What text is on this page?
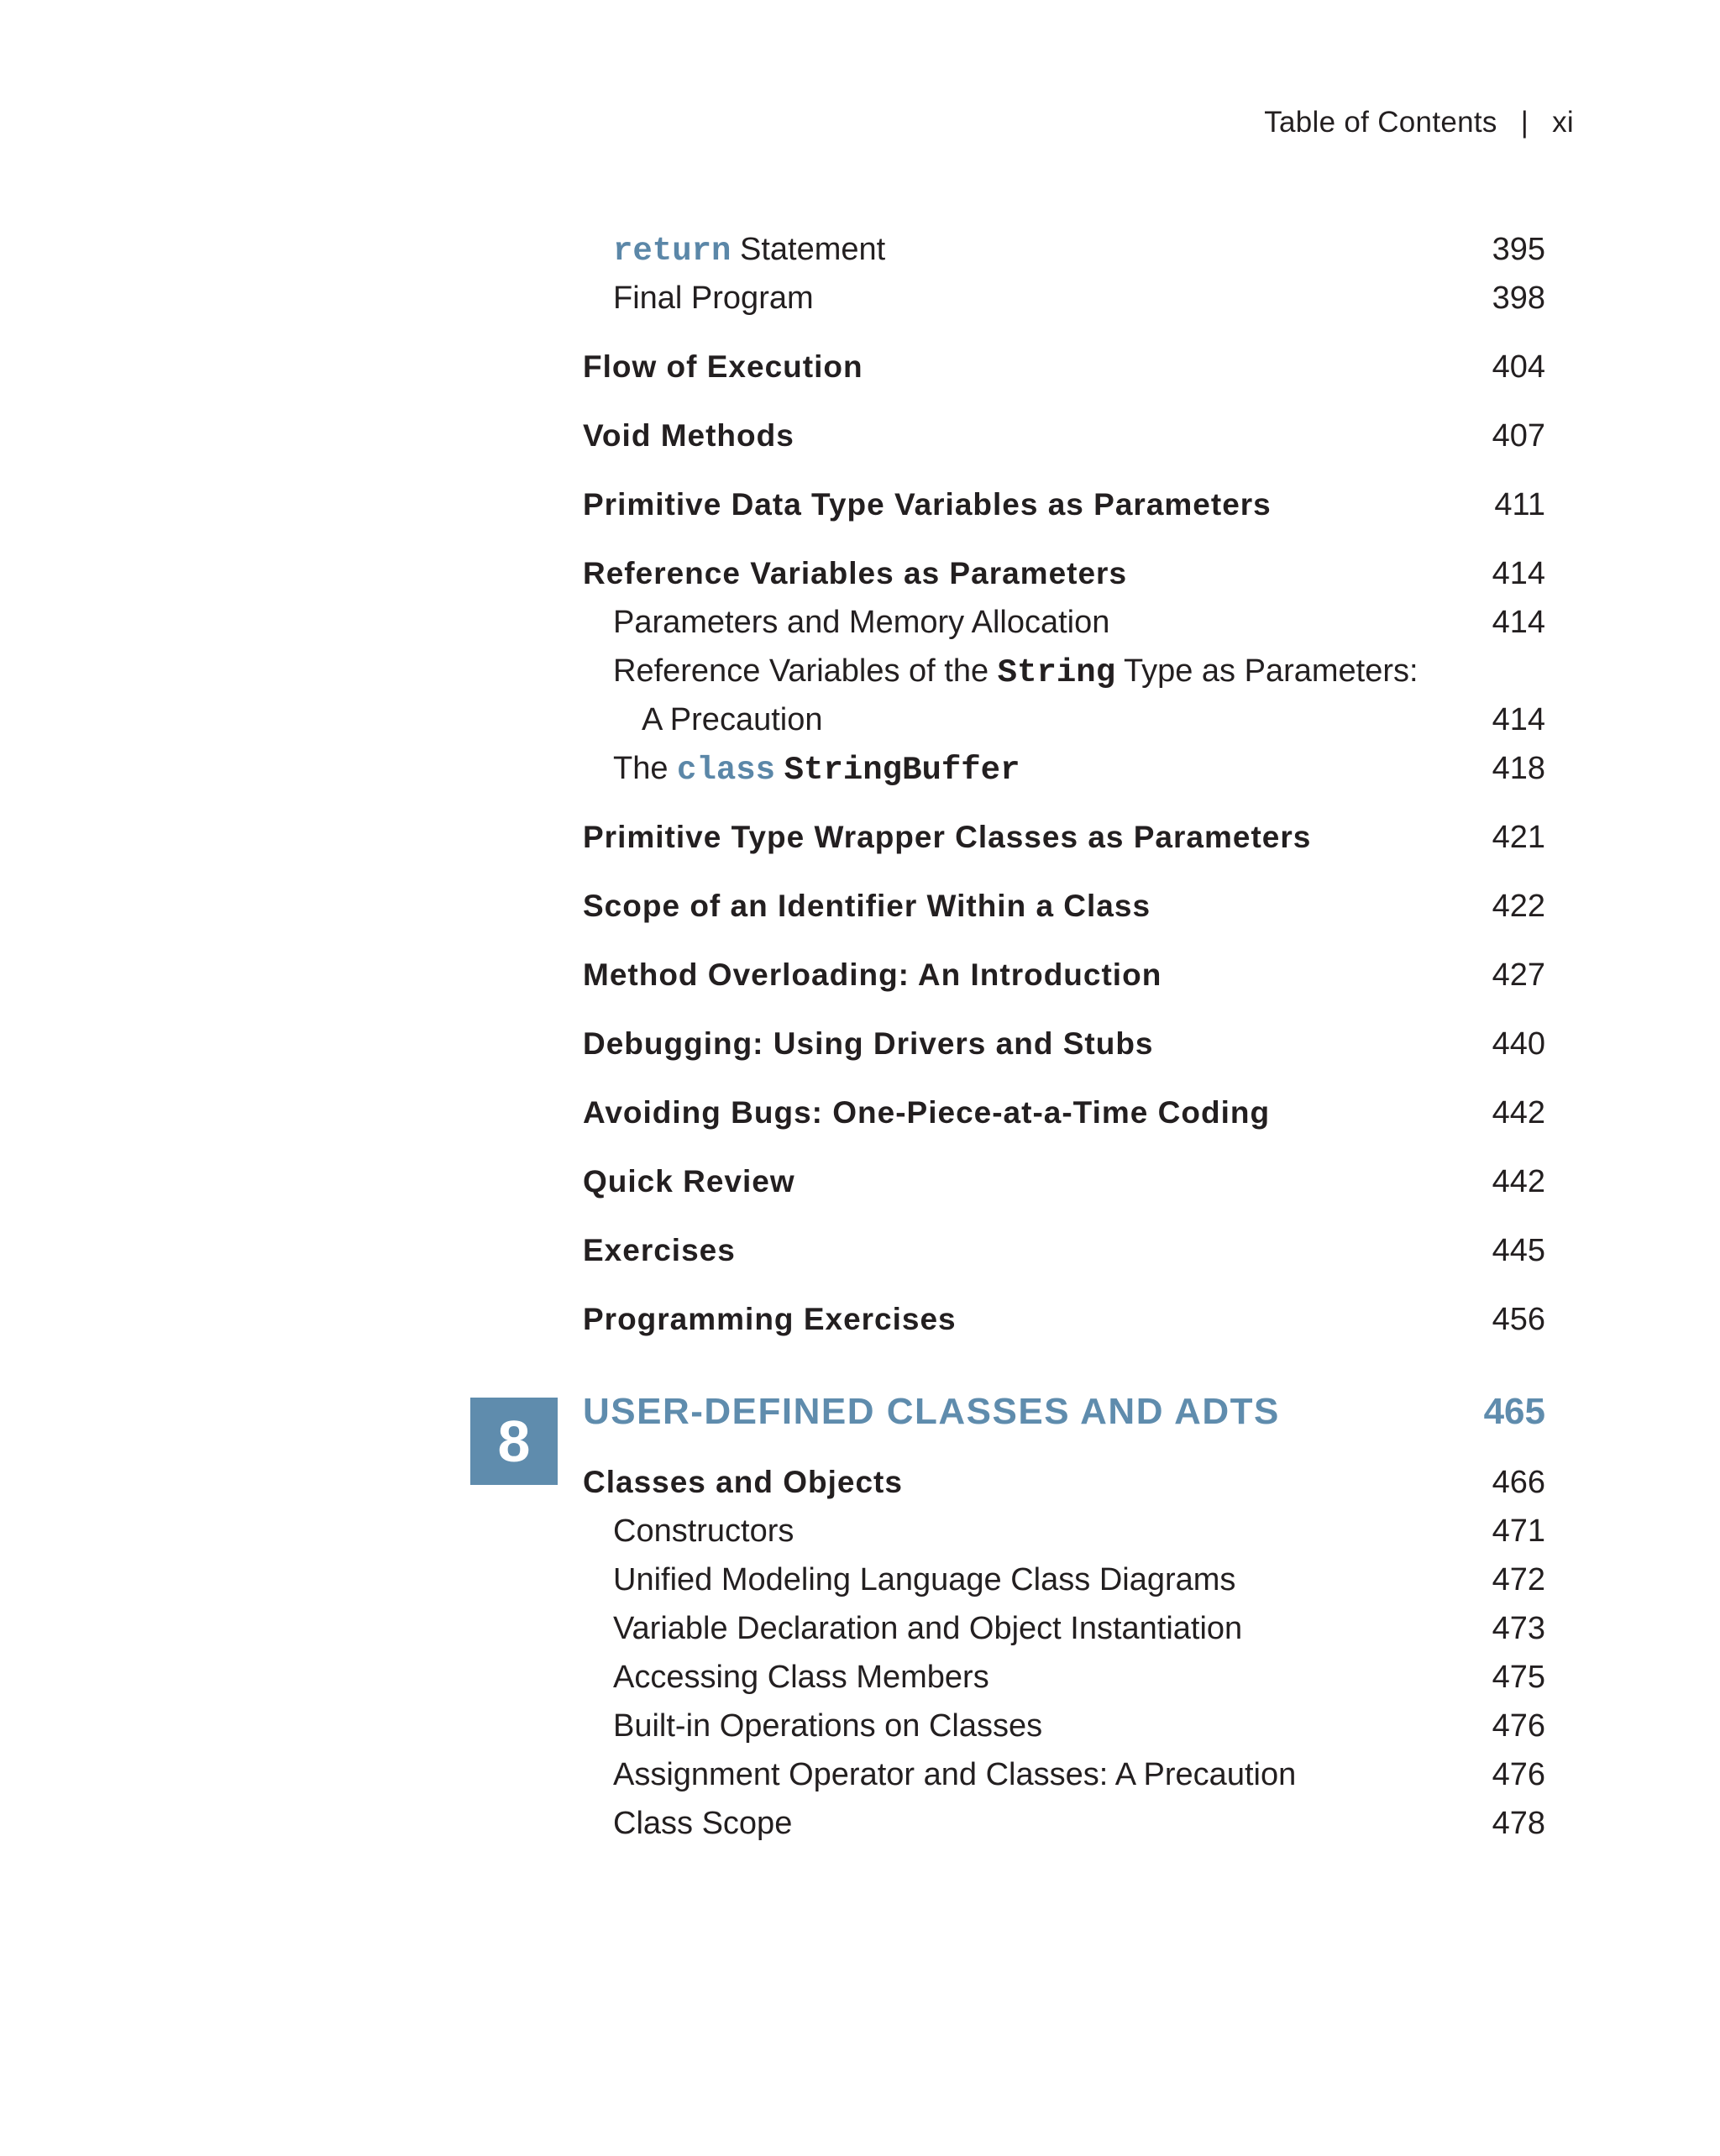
Table of Contents | xi
return Statement	395
Final Program	398
Flow of Execution	404
Void Methods	407
Primitive Data Type Variables as Parameters	411
Reference Variables as Parameters	414
Parameters and Memory Allocation	414
Reference Variables of the String Type as Parameters:
A Precaution	414
The class StringBuffer	418
Primitive Type Wrapper Classes as Parameters	421
Scope of an Identifier Within a Class	422
Method Overloading: An Introduction	427
Debugging: Using Drivers and Stubs	440
Avoiding Bugs: One-Piece-at-a-Time Coding	442
Quick Review	442
Exercises	445
Programming Exercises	456
USER-DEFINED CLASSES AND ADTS	465
Classes and Objects	466
Constructors	471
Unified Modeling Language Class Diagrams	472
Variable Declaration and Object Instantiation	473
Accessing Class Members	475
Built-in Operations on Classes	476
Assignment Operator and Classes: A Precaution	476
Class Scope	478
8
